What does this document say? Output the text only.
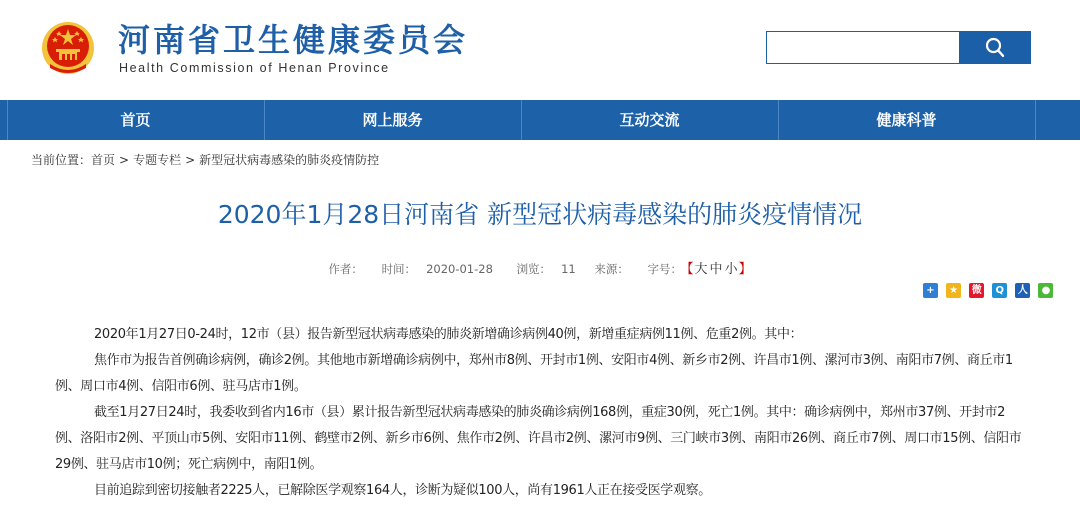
河南省卫生健康委员会
Health Commission of Henan Province
首页	网上服务	互动交流	健康科普
当前位置：首页 > 专题专栏 > 新型冠状病毒感染的肺炎疫情防控
2020年1月28日河南省 新型冠状病毒感染的肺炎疫情情况
作者： 时间： 2020-01-28 浏览： 11 来源： 字号： 【大 中 小】
+
	★
	微
	Q
	人
	●

2020年1月27日0-24时，12市（县）报告新型冠状病毒感染的肺炎新增确诊病例40例，新增重症病例11例、危重2例。其中：

焦作市为报告首例确诊病例，确诊2例。其他地市新增确诊病例中，郑州市8例、开封市1例、安阳市4例、新乡市2例、许昌市1例、漯河市3例、南阳市7例、商丘市1例、周口市4例、信阳市6例、驻马店市1例。

截至1月27日24时，我委收到省内16市（县）累计报告新型冠状病毒感染的肺炎确诊病例168例，重症30例，死亡1例。其中：确诊病例中，郑州市37例、开封市2例、洛阳市2例、平顶山市5例、安阳市11例、鹤壁市2例、新乡市6例、焦作市2例、许昌市2例、漯河市9例、三门峡市3例、南阳市26例、商丘市7例、周口市15例、信阳市29例、驻马店市10例；死亡病例中，南阳1例。

目前追踪到密切接触者2225人，已解除医学观察164人，诊断为疑似100人，尚有1961人正在接受医学观察。
